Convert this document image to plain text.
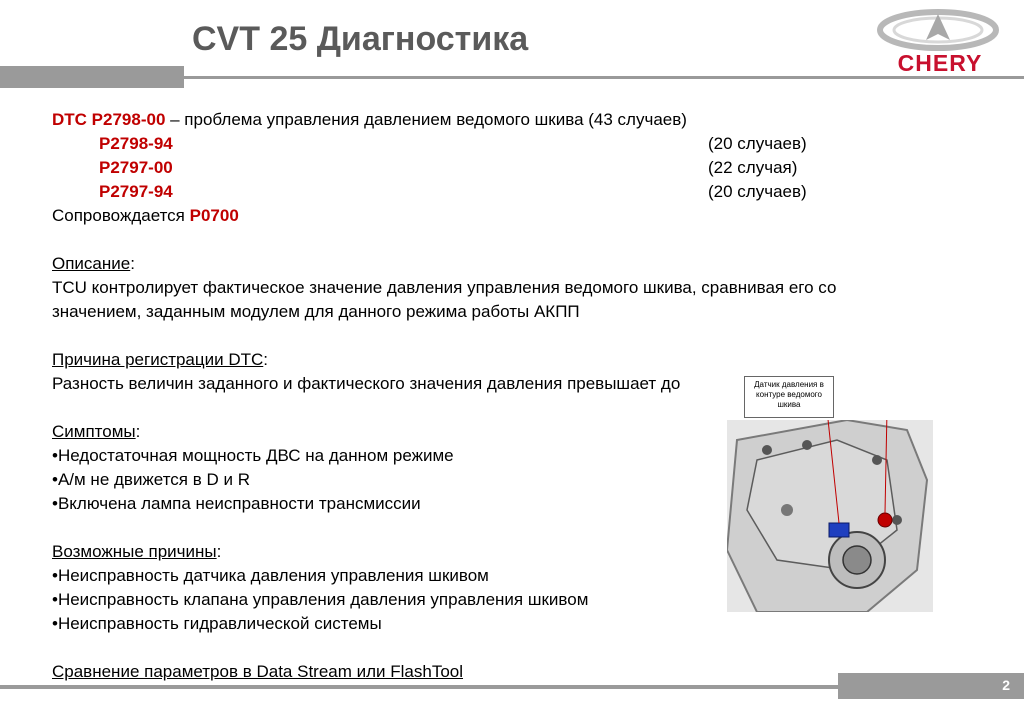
CVT 25 Диагностика
CHERY
DTC P2798-00 – проблема управления давлением ведомого шкива (43 случаев)
P2798-94	(20 случаев)
P2797-00	(22 случая)
P2797-94	(20 случаев)
Сопровождается P0700
Описание:
TCU контролирует фактическое значение давления управления ведомого шкива, сравнивая его со
значением, заданным модулем для данного режима работы АКПП
Причина регистрации DTC:
Разность величин заданного и фактического значения давления превышает до
Симптомы:
•Недостаточная мощность ДВС на данном режиме
•А/м не движется в D и R
•Включена лампа неисправности трансмиссии
Возможные причины:
•Неисправность датчика давления управления шкивом
•Неисправность клапана управления давления управления шкивом
•Неисправность гидравлической системы
Сравнение параметров в Data Stream или FlashTool
Датчик давления в
контуре ведомого
шкива
2
